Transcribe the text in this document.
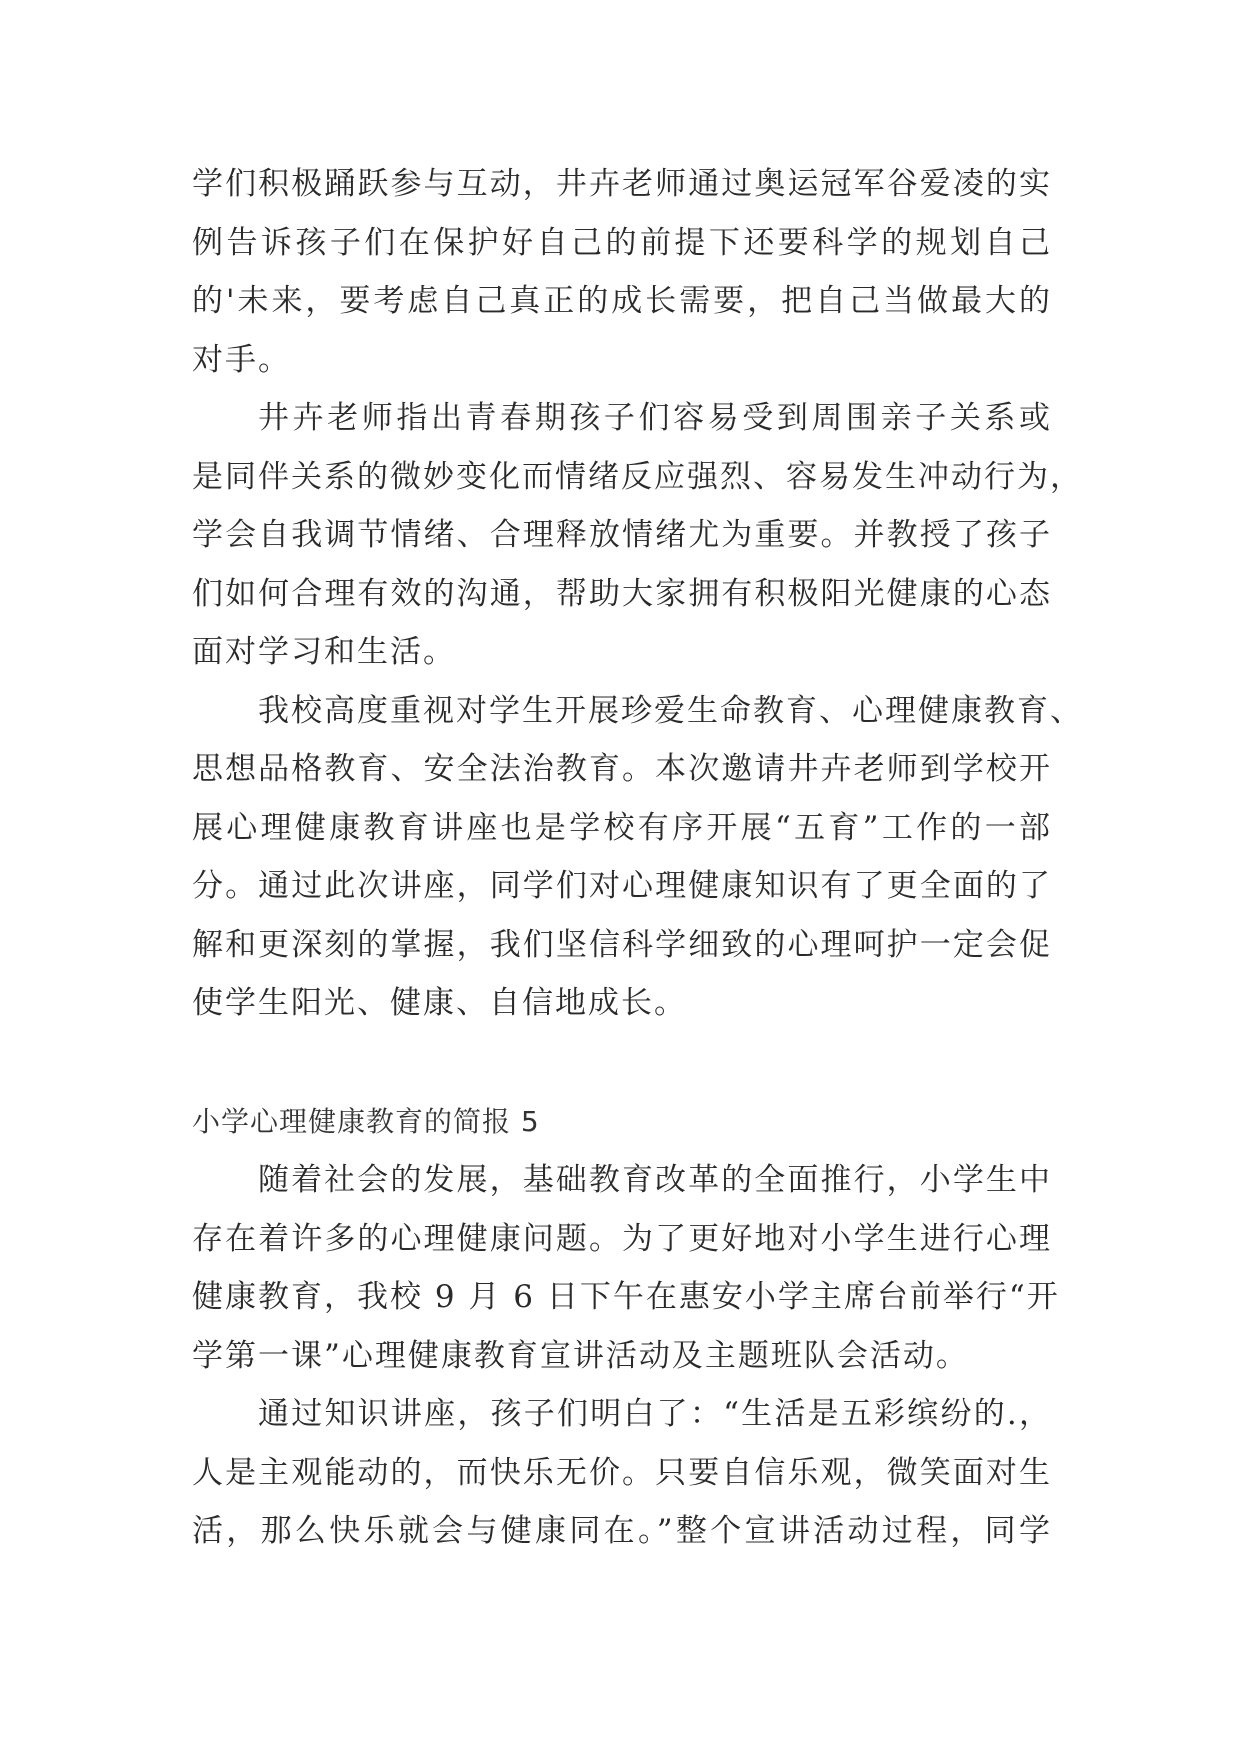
学们积极踊跃参与互动，井卉老师通过奥运冠军谷爱凌的实
例告诉孩子们在保护好自己的前提下还要科学的规划自己
的'未来，要考虑自己真正的成长需要，把自己当做最大的
对手。
井卉老师指出青春期孩子们容易受到周围亲子关系或
是同伴关系的微妙变化而情绪反应强烈、容易发生冲动行为，
学会自我调节情绪、合理释放情绪尤为重要。并教授了孩子
们如何合理有效的沟通，帮助大家拥有积极阳光健康的心态
面对学习和生活。
我校高度重视对学生开展珍爱生命教育、心理健康教育、
思想品格教育、安全法治教育。本次邀请井卉老师到学校开
展心理健康教育讲座也是学校有序开展“五育”工作的一部
分。通过此次讲座，同学们对心理健康知识有了更全面的了
解和更深刻的掌握，我们坚信科学细致的心理呵护一定会促
使学生阳光、健康、自信地成长。
小学心理健康教育的简报 5
随着社会的发展，基础教育改革的全面推行，小学生中
存在着许多的心理健康问题。为了更好地对小学生进行心理
健康教育，我校 9 月 6 日下午在惠安小学主席台前举行“开
学第一课”心理健康教育宣讲活动及主题班队会活动。
通过知识讲座，孩子们明白了：“生活是五彩缤纷的.，
人是主观能动的，而快乐无价。只要自信乐观，微笑面对生
活，那么快乐就会与健康同在。”整个宣讲活动过程，同学
